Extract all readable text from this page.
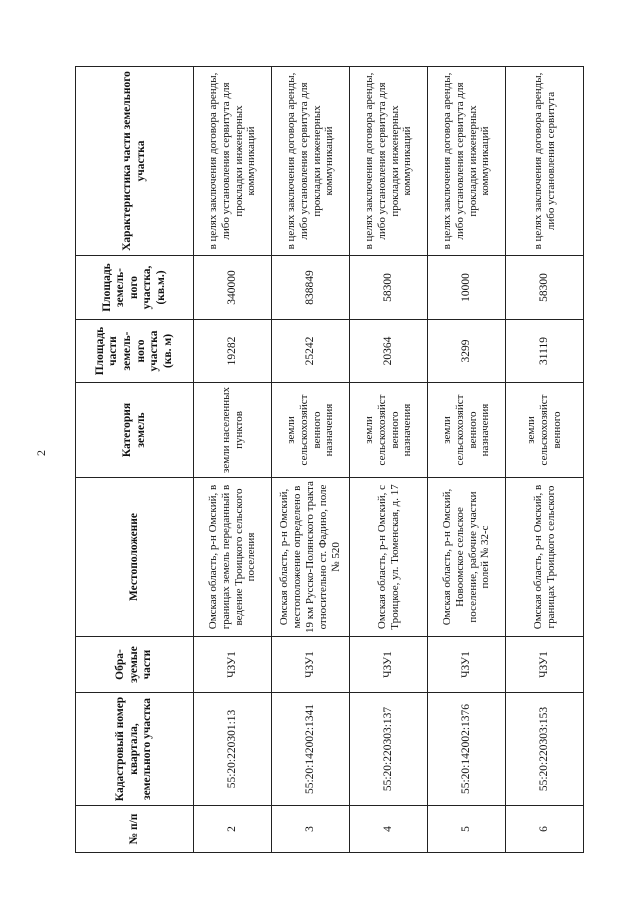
2
№ п/п	Кадастровый номер квартала, земельного участка	Обра-зуемые части	Местоположение	Категория земель	Площадь части земель-ного участка (кв. м)	Площадь земель-ного участка, (кв.м.)	Характеристика части земельного участка
2	55:20:220301:13	ЧЗУ1	Омская область, р-н Омский, в границах земель переданный в ведение Троицкого сельского поселения	земли населенных пунктов	19282	340000	в целях заключения договора аренды, либо установления сервитута для прокладки инженерных коммуникаций
3	55:20:142002:1341	ЧЗУ1	Омская область, р-н Омский, местоположение определено в 19 км Русско-Полянского тракта относительно ст. Фадино, поле № 520	земли сельскохозяйст венного назначения	25242	838849	в целях заключения договора аренды, либо установления сервитута для прокладки инженерных коммуникаций
4	55:20:220303:137	ЧЗУ1	Омская область, р-н Омский, с Троицкое, ул. Тюменская, д. 17	земли сельскохозяйст венного назначения	20364	58300	в целях заключения договора аренды, либо установления сервитута для прокладки инженерных коммуникаций
5	55:20:142002:1376	ЧЗУ1	Омская область, р-н Омский, Новоомское сельское поселение, рабочие участки полей № 32-с	земли сельскохозяйст венного назначения	3299	10000	в целях заключения договора аренды, либо установления сервитута для прокладки инженерных коммуникаций
6	55:20:220303:153	ЧЗУ1	Омская область, р-н Омский, в границах Троицкого сельского	земли сельскохозяйст венного	31119	58300	в целях заключения договора аренды, либо установления сервитута
